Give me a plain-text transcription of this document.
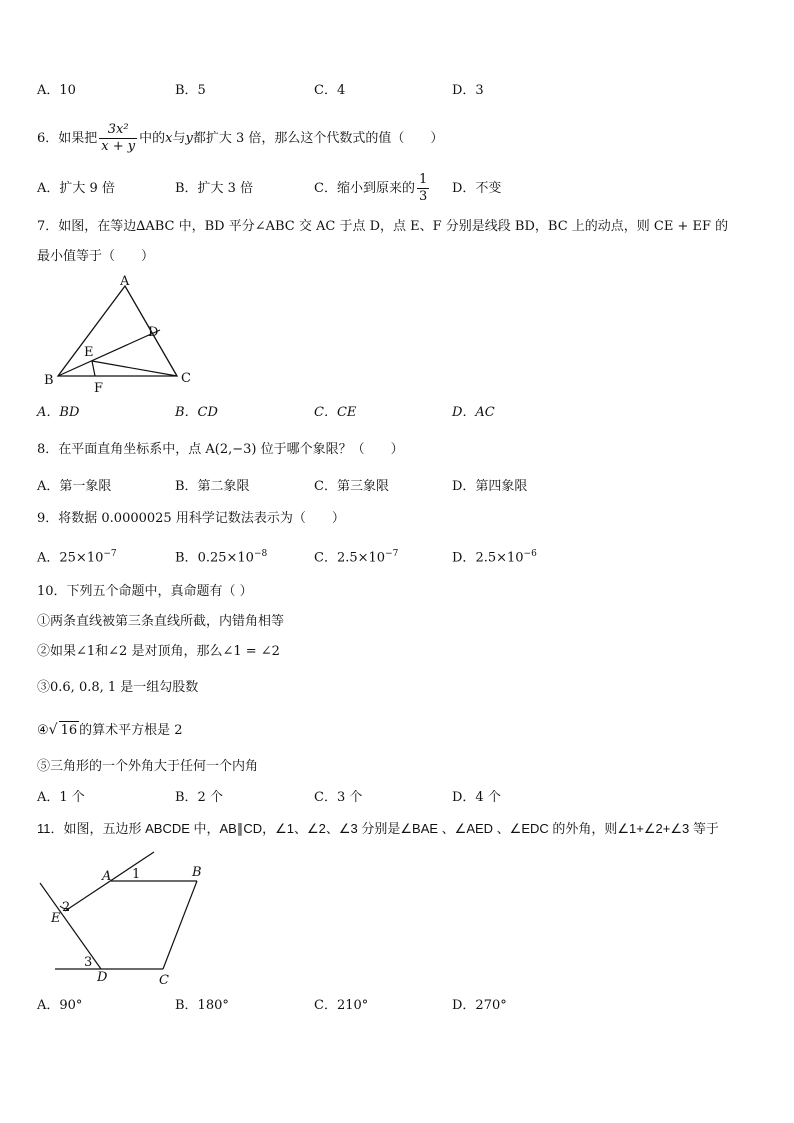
A．10	B．5	C．4	D．3
6．如果把 $\frac{\text{3x²}}{x + y}$ 中的x与y都扩大 3 倍，那么这个代数式的值（　　）
A．扩大 9 倍	B．扩大 3 倍	C．缩小到原来的 $\frac{1}{3}$ D．不变
7．如图，在等边∆ABC 中，BD 平分∠ABC 交 AC 于点 D，点 E、F 分别是线段 BD，BC 上的动点，则 CE + EF 的
最小值等于（　　）
A
B	C
D
E
F
A．BD	B．CD	C．CE	D．AC
8．在平面直角坐标系中，点 A(2,−3) 位于哪个象限？（　　）
A．第一象限	B．第二象限	C．第三象限	D．第四象限
9．将数据 0.0000025 用科学记数法表示为（　　）
A．$25\times 10^{-7}$	B．$0.25\times 10^{-8}$	C．$2.5\times 10^{-7}$	D．$2.5\times 10^{-6}$
10．下列五个命题中，真命题有（ ）
①两条直线被第三条直线所截，内错角相等
②如果∠1和∠2 是对顶角，那么∠1 = ∠2
③0.6, 0.8, 1 是一组勾股数
④√ 16 的算术平方根是 2
⑤三角形的一个外角大于任何一个内角
A．1 个	B．2 个	C．3 个	D．4 个
11．如图，五边形 ABCDE 中，AB∥CD，∠1、∠2、∠3 分别是∠BAE 、∠AED 、∠EDC 的外角，则∠1+∠2+∠3 等于
A	B
C
D
E
1
2
3
A．90°	B．180°	C．210°	D．270°
